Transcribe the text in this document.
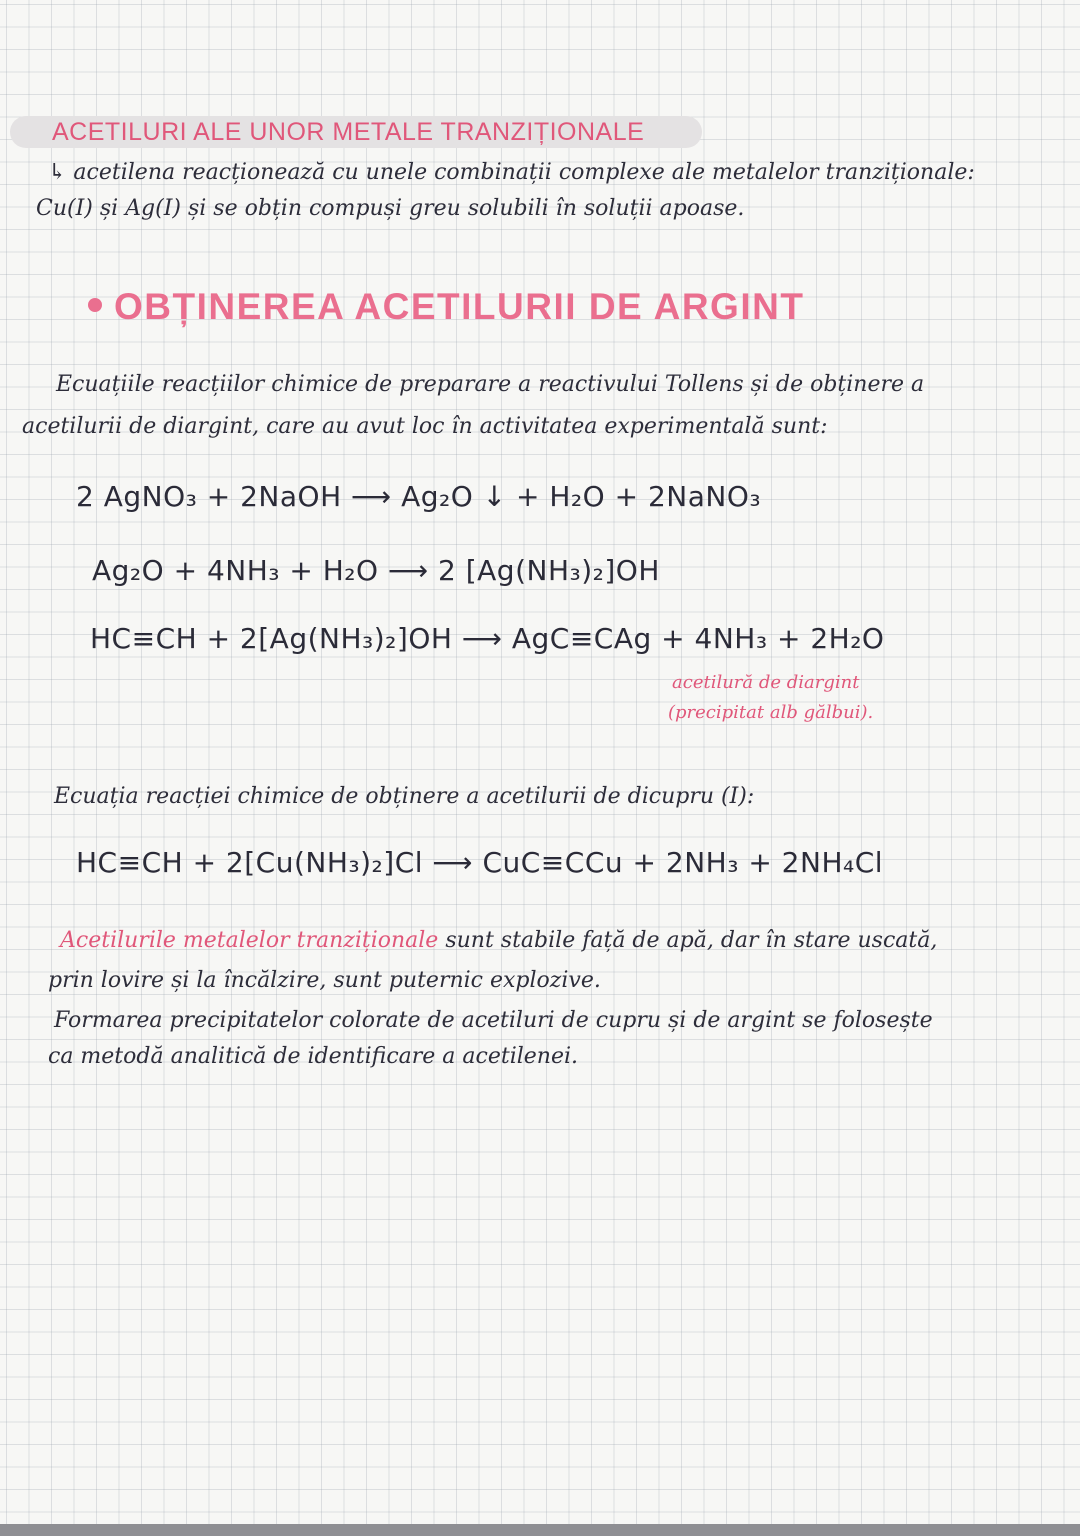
ACETILURI ALE UNOR METALE TRANZIȚIONALE
↳ acetilena reacționează cu unele combinații complexe ale metalelor tranziționale:
Cu(I) și Ag(I) și se obțin compuși greu solubili în soluții apoase.
OBȚINEREA ACETILURII DE ARGINT
Ecuațiile reacțiilor chimice de preparare a reactivului Tollens și de obținere a
acetilurii de diargint, care au avut loc în activitatea experimentală sunt:
2 AgNO₃ + 2NaOH ⟶ Ag₂O ↓ + H₂O + 2NaNO₃
Ag₂O + 4NH₃ + H₂O ⟶ 2 [Ag(NH₃)₂]OH
HC≡CH + 2[Ag(NH₃)₂]OH ⟶ AgC≡CAg + 4NH₃ + 2H₂O
acetilură de diargint
(precipitat alb gălbui).
Ecuația reacției chimice de obținere a acetilurii de dicupru (I):
HC≡CH + 2[Cu(NH₃)₂]Cl ⟶ CuC≡CCu + 2NH₃ + 2NH₄Cl
Acetilurile metalelor tranziționale sunt stabile față de apă, dar în stare uscată,
prin lovire și la încălzire, sunt puternic explozive.
Formarea precipitatelor colorate de acetiluri de cupru și de argint se folosește
ca metodă analitică de identificare a acetilenei.
